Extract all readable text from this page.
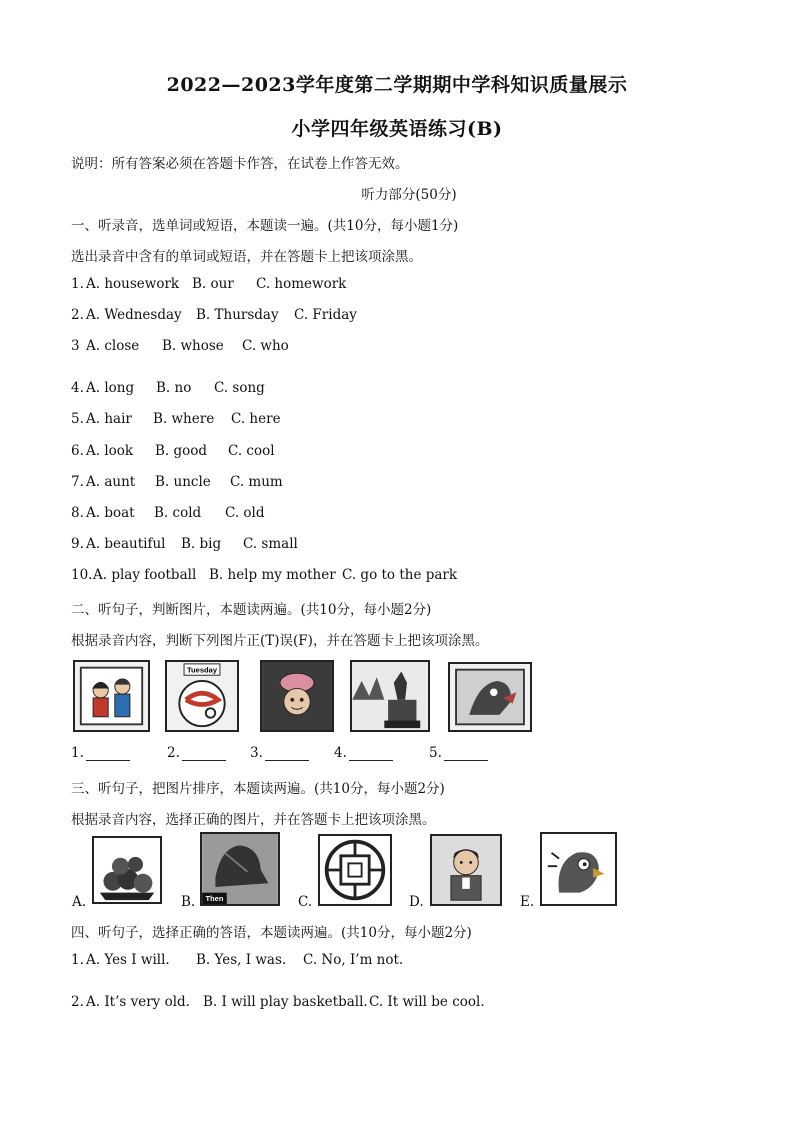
2022—2023学年度第二学期期中学科知识质量展示
小学四年级英语练习(B)
说明：所有答案必须在答题卡作答，在试卷上作答无效。
听力部分(50分)
一、听录音，选单词或短语，本题读一遍。(共10分，每小题1分)
选出录音中含有的单词或短语，并在答题卡上把该项涂黑。
1. A. housework B. our C. homework
2. A. Wednesday B. Thursday C. Friday
3 A. close B. whose C. who
4. A. long B. no C. song
5. A. hair B. where C. here
6. A. look B. good C. cool
7. A. aunt B. uncle C. mum
8. A. boat B. cold C. old
9. A. beautiful B. big C. small
10. A. play football B. help my mother C. go to the park
二、听句子，判断图片，本题读两遍。(共10分，每小题2分)
根据录音内容，判断下列图片正(T)误(F)，并在答题卡上把该项涂黑。
Tuesday
1.	2.	3.	4.	5.
三、听句子，把图片排序，本题读两遍。(共10分，每小题2分)
根据录音内容，选择正确的图片，并在答题卡上把该项涂黑。
Then
A.	B.	C.	D.	E.
四、听句子，选择正确的答语，本题读两遍。(共10分，每小题2分)
1. A. Yes I will. B. Yes, I was. C. No, I’m not.
2. A. It’s very old. B. I will play basketball. C. It will be cool.
